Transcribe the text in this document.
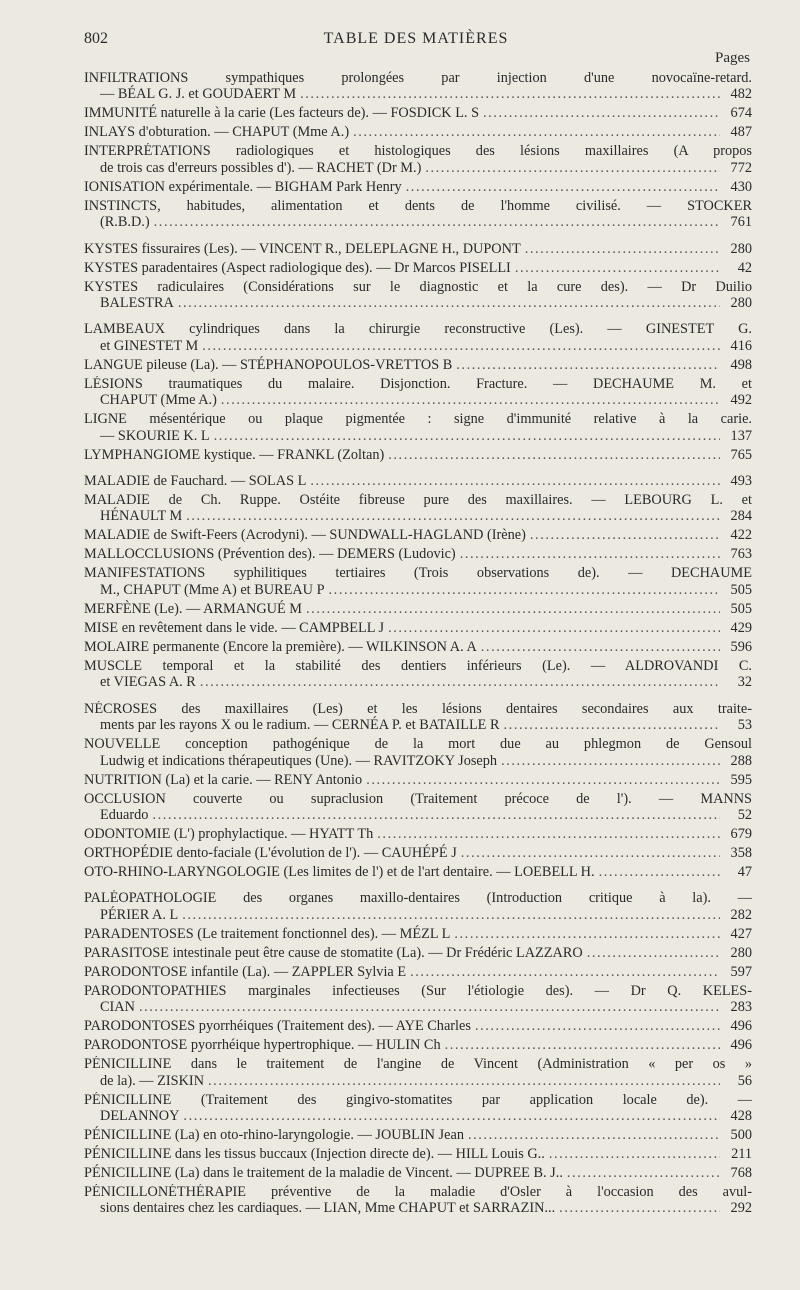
802	TABLE DES MATIÈRES
Pages
INFILTRATIONS sympathiques prolongées par injection d'une novocaïne-retard.
— BÉAL G. J. et GOUDAERT M . . .	482
IMMUNITÉ naturelle à la carie (Les facteurs de). — FOSDICK L. S . . .	674
INLAYS d'obturation. — CHAPUT (Mme A.) . . .	487
INTERPRÉTATIONS radiologiques et histologiques des lésions maxillaires (A propos
de trois cas d'erreurs possibles d'). — RACHET (Dr M.) . . .	772
IONISATION expérimentale. — BIGHAM Park Henry . . .	430
INSTINCTS, habitudes, alimentation et dents de l'homme civilisé. — STOCKER
(R.B.D.) . . .	761
KYSTES fissuraires (Les). — VINCENT R., DELEPLAGNE H., DUPONT . . .	280
KYSTES paradentaires (Aspect radiologique des). — Dr Marcos PISELLI . . .	42
KYSTES radiculaires (Considérations sur le diagnostic et la cure des). — Dr Duilio
BALESTRA . . .	280
LAMBEAUX cylindriques dans la chirurgie reconstructive (Les). — GINESTET G.
et GINESTET M . . .	416
LANGUE pileuse (La). — STÉPHANOPOULOS-VRETTOS B . . .	498
LÉSIONS traumatiques du malaire. Disjonction. Fracture. — DECHAUME M. et
CHAPUT (Mme A.) . . .	492
LIGNE mésentérique ou plaque pigmentée : signe d'immunité relative à la carie.
— SKOURIE K. L . . .	137
LYMPHANGIOME kystique. — FRANKL (Zoltan) . . .	765
MALADIE de Fauchard. — SOLAS L . . .	493
MALADIE de Ch. Ruppe. Ostéite fibreuse pure des maxillaires. — LEBOURG L. et
HÉNAULT M . . .	284
MALADIE de Swift-Feers (Acrodyni). — SUNDWALL-HAGLAND (Irène) . . .	422
MALLOCCLUSIONS (Prévention des). — DEMERS (Ludovic) . . .	763
MANIFESTATIONS syphilitiques tertiaires (Trois observations de). — DECHAUME
M., CHAPUT (Mme A) et BUREAU P . . .	505
MERFÈNE (Le). — ARMANGUÉ M . . .	505
MISE en revêtement dans le vide. — CAMPBELL J . . .	429
MOLAIRE permanente (Encore la première). — WILKINSON A. A . . .	596
MUSCLE temporal et la stabilité des dentiers inférieurs (Le). — ALDROVANDI C.
et VIEGAS A. R . . .	32
NÉCROSES des maxillaires (Les) et les lésions dentaires secondaires aux traite-
ments par les rayons X ou le radium. — CERNÉA P. et BATAILLE R . . .	53
NOUVELLE conception pathogénique de la mort due au phlegmon de Gensoul
Ludwig et indications thérapeutiques (Une). — RAVITZOKY Joseph . . .	288
NUTRITION (La) et la carie. — RENY Antonio . . .	595
OCCLUSION couverte ou supraclusion (Traitement précoce de l'). — MANNS
Eduardo . . .	52
ODONTOMIE (L') prophylactique. — HYATT Th . . .	679
ORTHOPÉDIE dento-faciale (L'évolution de l'). — CAUHÉPÉ J . . .	358
OTO-RHINO-LARYNGOLOGIE (Les limites de l') et de l'art dentaire. — LOEBELL H. . . .	47
PALÉOPATHOLOGIE des organes maxillo-dentaires (Introduction critique à la). —
PÉRIER A. L . . .	282
PARADENTOSES (Le traitement fonctionnel des). — MÉZL L . . .	427
PARASITOSE intestinale peut être cause de stomatite (La). — Dr Frédéric LAZZARO . . .	280
PARODONTOSE infantile (La). — ZAPPLER Sylvia E . . .	597
PARODONTOPATHIES marginales infectieuses (Sur l'étiologie des). — Dr Q. KELES-
CIAN . . .	283
PARODONTOSES pyorrhéiques (Traitement des). — AYE Charles . . .	496
PARODONTOSE pyorrhéique hypertrophique. — HULIN Ch . . .	496
PÉNICILLINE dans le traitement de l'angine de Vincent (Administration « per os »
de la). — ZISKIN . . .	56
PÉNICILLINE (Traitement des gingivo-stomatites par application locale de). —
DELANNOY . . .	428
PÉNICILLINE (La) en oto-rhino-laryngologie. — JOUBLIN Jean . . .	500
PÉNICILLINE dans les tissus buccaux (Injection directe de). — HILL Louis G.. . . .	211
PÉNICILLINE (La) dans le traitement de la maladie de Vincent. — DUPREE B. J.. . . .	768
PÉNICILLONÉTHÉRAPIE préventive de la maladie d'Osler à l'occasion des avul-
sions dentaires chez les cardiaques. — LIAN, Mme CHAPUT et SARRAZIN... . . .	292
